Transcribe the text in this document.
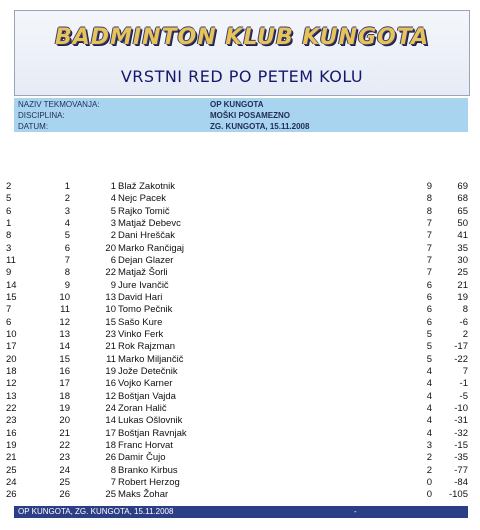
BADMINTON KLUB KUNGOTA
VRSTNI RED PO PETEM KOLU
NAZIV TEKMOVANJA:	OP KUNGOTA
DISCIPLINA:	MOŠKI POSAMEZNO
DATUM:	ZG. KUNGOTA, 15.11.2008
2	1	1 Blaž Zakotnik	9	69
5	2	4 Nejc Pacek	8	68
6	3	5 Rajko Tomič	8	65
1	4	3 Matjaž Debevc	7	50
8	5	2 Dani Hreščak	7	41
3	6	20 Marko Rančigaj	7	35
11	7	6 Dejan Glazer	7	30
9	8	22 Matjaž Šorli	7	25
14	9	9 Jure Ivančič	6	21
15	10	13 David Hari	6	19
7	11	10 Tomo Pečnik	6	8
6	12	15 Sašo Kure	6	-6
10	13	23 Vinko Ferk	5	2
17	14	21 Rok Rajzman	5	-17
20	15	11 Marko Miljančič	5	-22
18	16	19 Jože Detečnik	4	7
12	17	16 Vojko Karner	4	-1
13	18	12 Boštjan Vajda	4	-5
22	19	24 Zoran Halič	4	-10
23	20	14 Lukas Ošlovnik	4	-31
16	21	17 Boštjan Ravnjak	4	-32
19	22	18 Franc Horvat	3	-15
21	23	26 Damir Čujo	2	-35
25	24	8 Branko Kirbus	2	-77
24	25	7 Robert Herzog	0	-84
26	26	25 Maks Žohar	0	-105
OP KUNGOTA, ZG. KUNGOTA, 15.11.2008	-
